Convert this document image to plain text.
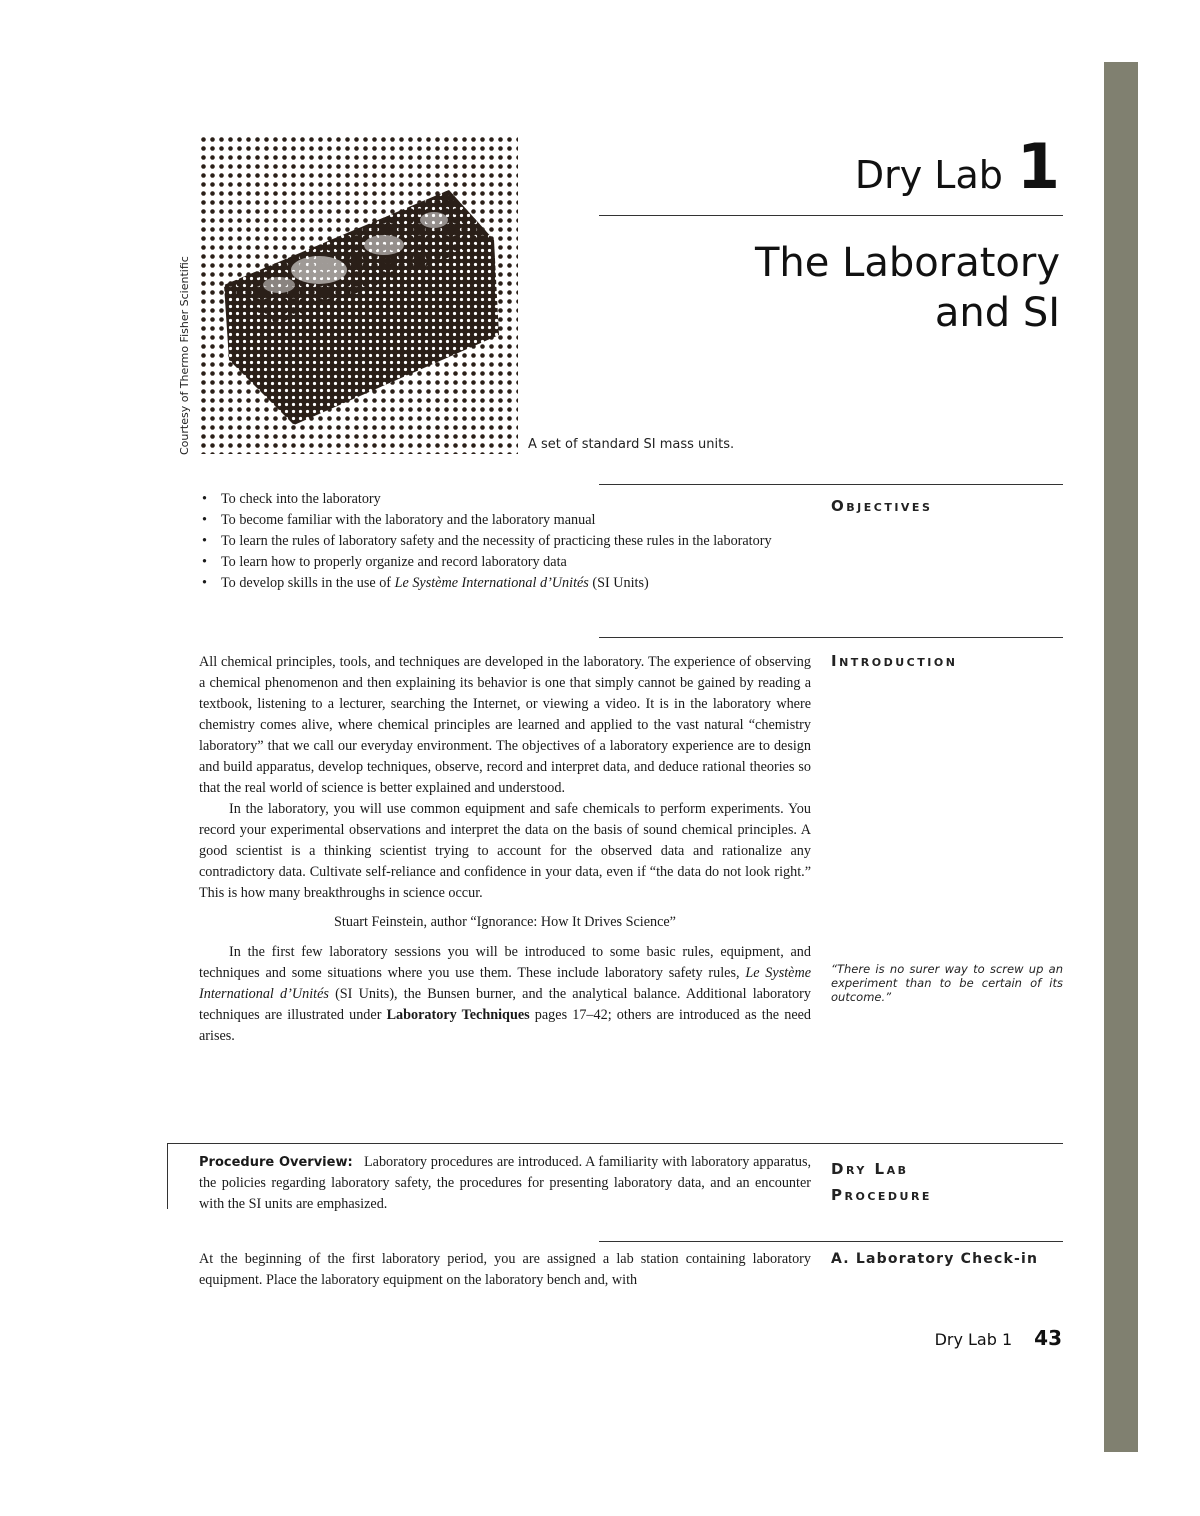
Courtesy of Thermo Fisher Scientific	A set of standard SI mass units.
Dry Lab 1
The Laboratory
and SI
Objectives
• To check into the laboratory
• To become familiar with the laboratory and the laboratory manual
• To learn the rules of laboratory safety and the necessity of practicing these rules in the laboratory
• To learn how to properly organize and record laboratory data
• To develop skills in the use of Le Système International d’Unités (SI Units)
Introduction

All chemical principles, tools, and techniques are developed in the laboratory. The experience of observing a chemical phenomenon and then explaining its behavior is one that simply cannot be gained by reading a textbook, listening to a lecturer, searching the Internet, or viewing a video. It is in the laboratory where chemistry comes alive, where chemical principles are learned and applied to the vast natural “chemistry laboratory” that we call our everyday environment. The objectives of a laboratory experience are to design and build apparatus, develop techniques, observe, record and interpret data, and deduce rational theories so that the real world of science is better explained and understood.

In the laboratory, you will use common equipment and safe chemicals to perform experiments. You record your experimental observations and interpret the data on the basis of sound chemical principles. A good scientist is a thinking scientist trying to account for the observed data and rationalize any contradictory data. Cultivate self-reliance and confidence in your data, even if “the data do not look right.” This is how many breakthroughs in science occur.

Stuart Feinstein, author “Ignorance: How It Drives Science”

In the first few laboratory sessions you will be introduced to some basic rules, equipment, and techniques and some situations where you use them. These include laboratory safety rules, Le Système International d’Unités (SI Units), the Bunsen burner, and the analytical balance. Additional laboratory techniques are illustrated under Laboratory Techniques pages 17–42; others are introduced as the need arises.

“There is no surer way to screw up an experiment than to be certain of its outcome.”
Dry Lab
Procedure
Procedure Overview: Laboratory procedures are introduced. A familiarity with laboratory apparatus, the policies regarding laboratory safety, the procedures for presenting laboratory data, and an encounter with the SI units are emphasized.
A. Laboratory Check-in

At the beginning of the first laboratory period, you are assigned a lab station containing laboratory equipment. Place the laboratory equipment on the laboratory bench and, with

Dry Lab 1 43
